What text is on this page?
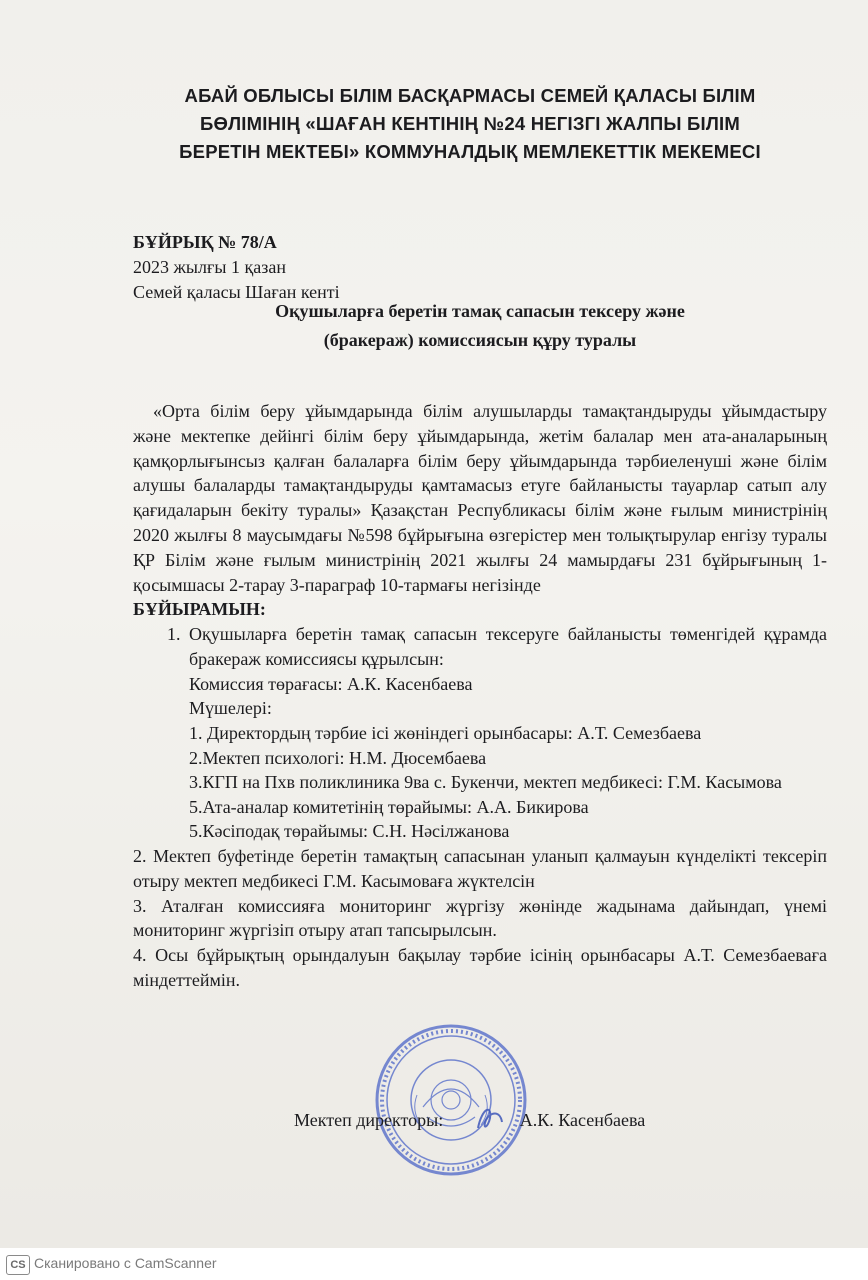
АБАЙ ОБЛЫСЫ БІЛІМ БАСҚАРМАСЫ СЕМЕЙ ҚАЛАСЫ БІЛІМ
БӨЛІМІНІҢ «ШАҒАН КЕНТІНІҢ №24 НЕГІЗГІ ЖАЛПЫ БІЛІМ
БЕРЕТІН МЕКТЕБІ» КОММУНАЛДЫҚ МЕМЛЕКЕТТІК МЕКЕМЕСІ
БҰЙРЫҚ № 78/А
2023 жылғы 1 қазан
Семей қаласы Шаған кенті
Оқушыларға беретін тамақ сапасын тексеру және
(бракераж) комиссиясын құру туралы

«Орта білім беру ұйымдарында білім алушыларды тамақтандыруды ұйымдастыру және мектепке дейінгі білім беру ұйымдарында, жетім балалар мен ата-аналарының қамқорлығынсыз қалған балаларға білім беру ұйымдарында тәрбиеленуші және білім алушы балаларды тамақтандыруды қамтамасыз етуге байланысты тауарлар сатып алу қағидаларын бекіту туралы» Қазақстан Республикасы білім және ғылым министрінің 2020 жылғы 8 маусымдағы №598 бұйрығына өзгерістер мен толықтырулар енгізу туралы ҚР Білім және ғылым министрінің 2021 жылғы 24 мамырдағы 231 бұйрығының 1-қосымшасы 2-тарау 3-параграф 10-тармағы негізінде

БҰЙЫРАМЫН:

1. Оқушыларға беретін тамақ сапасын тексеруге байланысты төменгідей құрамда бракераж комиссиясы құрылсын:
Комиссия төрағасы: А.К. Касенбаева
Мүшелері:
1. Директордың тәрбие ісі жөніндегі орынбасары: А.Т. Семезбаева
2.Мектеп психологі: Н.М. Дюсембаева
3.КГП на Пхв поликлиника 9ва с. Букенчи, мектеп медбикесі: Г.М. Касымова
5.Ата-аналар комитетінің төрайымы: А.А. Бикирова
5.Кәсіподақ төрайымы: С.Н. Нәсілжанова

2. Мектеп буфетінде беретін тамақтың сапасынан уланып қалмауын күнделікті тексеріп отыру мектеп медбикесі Г.М. Касымоваға жүктелсін

3. Аталған комиссияға мониторинг жүргізу жөнінде жадынама дайындап, үнемі мониторинг жүргізіп отыру атап тапсырылсын.

4. Осы бұйрықтың орындалуын бақылау тәрбие ісінің орынбасары А.Т. Семезбаеваға міндеттеймін.

Мектеп директоры:	А.К. Касенбаева
CS Сканировано с CamScanner
